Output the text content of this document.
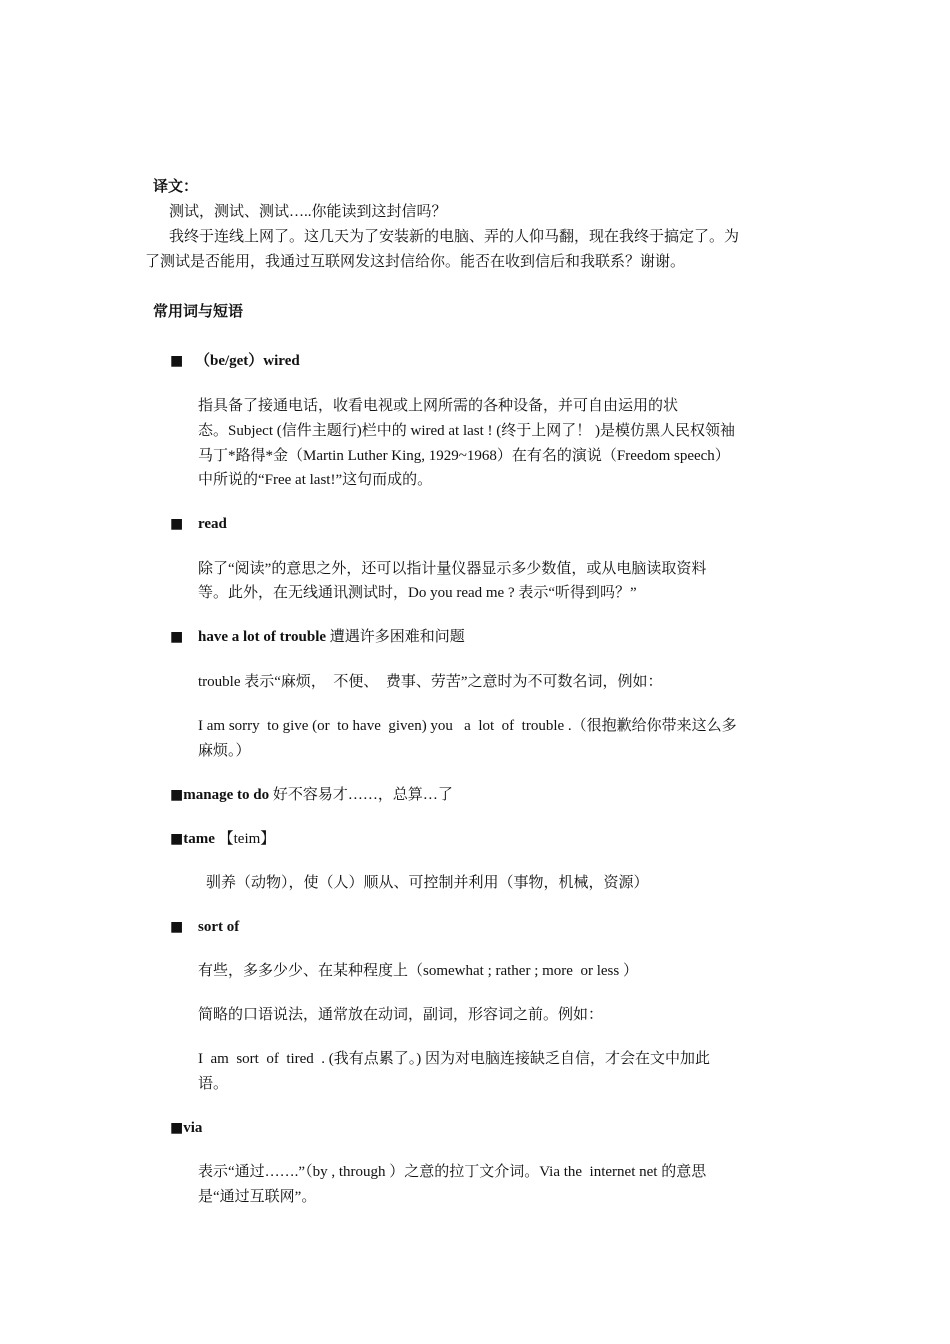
译文：
测试，测试、测试…..你能读到这封信吗？
我终于连线上网了。这几天为了安装新的电脑、弄的人仰马翻，现在我终于搞定了。为
了测试是否能用，我通过互联网发这封信给你。能否在收到信后和我联系？谢谢。
常用词与短语
■ （be/get）wired
指具备了接通电话，收看电视或上网所需的各种设备，并可自由运用的状
态。Subject (信件主题行)栏中的 wired at last ! (终于上网了！ )是模仿黑人民权领袖
马丁*路得*金（Martin Luther King, 1929~1968）在有名的演说（Freedom speech）
中所说的“Free at last!”这句而成的。
■ read
除了“阅读”的意思之外，还可以指计量仪器显示多少数值，或从电脑读取资料
等。此外，在无线通讯测试时，Do you read me ? 表示“听得到吗？”
■ have a lot of trouble 遭遇许多困难和问题
trouble 表示“麻烦，  不便、  费事、劳苦”之意时为不可数名词，例如：
I am sorry  to give (or  to have  given) you   a  lot  of  trouble .（很抱歉给你带来这么多
麻烦。）
■manage to do 好不容易才……，总算…了
■tame 【teim】
驯养（动物），使（人）顺从、可控制并利用（事物，机械，资源）
■ sort of
有些，多多少少、在某种程度上（somewhat ; rather ; more  or less ）
简略的口语说法，通常放在动词，副词，形容词之前。例如：
I  am  sort  of  tired  . (我有点累了。) 因为对电脑连接缺乏自信，才会在文中加此
语。
■via
表示“通过…….”（by , through ）之意的拉丁文介词。Via the  internet net 的意思
是“通过互联网”。
